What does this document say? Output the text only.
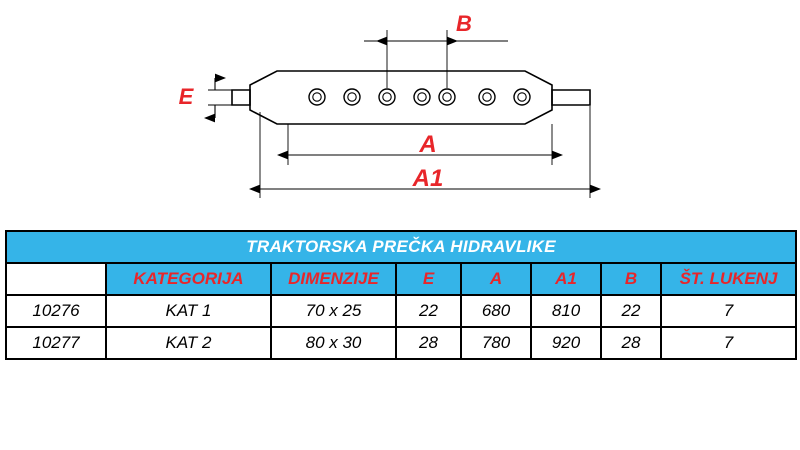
B
E
A
A1
TRAKTORSKA PREČKA HIDRAVLIKE							
	KATEGORIJA	DIMENZIJE	E	A	A1	B	ŠT. LUKENJ
10276	KAT 1	70 x 25	22	680	810	22	7
10277	KAT 2	80 x 30	28	780	920	28	7
